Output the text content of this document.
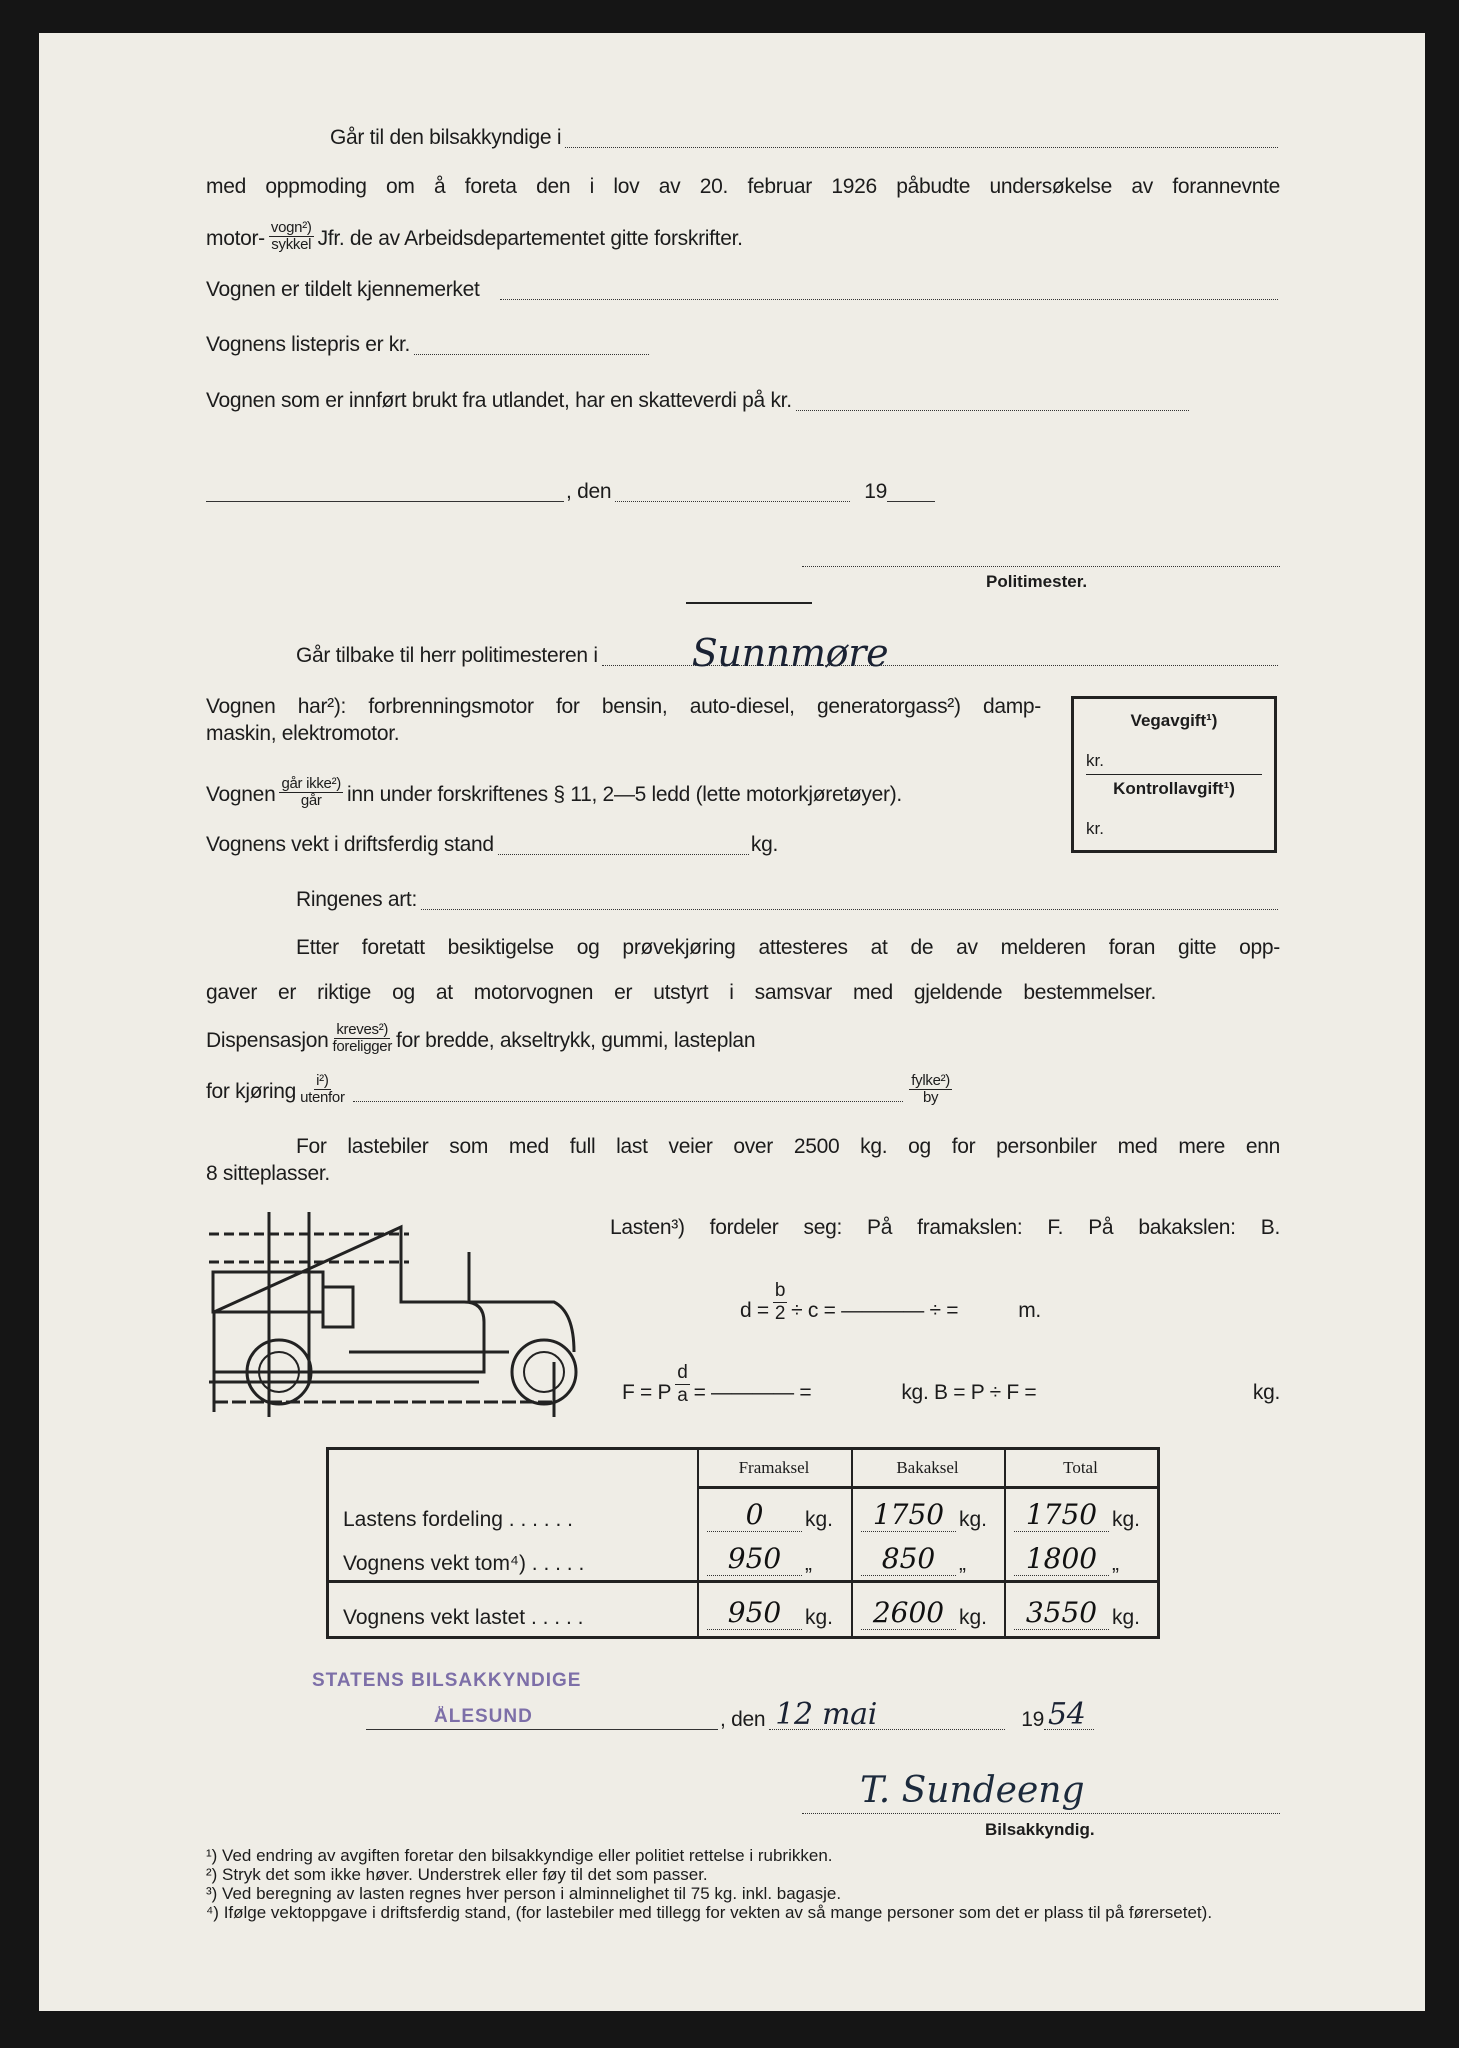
Går til den bilsakkyndige i
med oppmoding om å foreta den i lov av 20. februar 1926 påbudte undersøkelse av forannevnte
motor- vogn²)
sykkel Jfr. de av Arbeidsdepartementet gitte forskrifter.
Vognen er tildelt kjennemerket
Vognens listepris er kr.
Vognen som er innført brukt fra utlandet, har en skatteverdi på kr.
, den	19
Politimester.
Går tilbake til herr politimesteren i Sunnmøre
Vognen har²): forbrenningsmotor for bensin, auto-diesel, generatorgass²) damp-
maskin, elektromotor.
Vognen går ikke²)
går inn under forskriftenes § 11, 2—5 ledd (lette motorkjøretøyer).
Vognens vekt i driftsferdig stand	kg.
Vegavgift¹)
kr.
Kontrollavgift¹)
kr.
Ringenes art:
Etter foretatt besiktigelse og prøvekjøring attesteres at de av melderen foran gitte opp-
gaver er riktige og at motorvognen er utstyrt i samsvar med gjeldende bestemmelser.
Dispensasjon kreves²)
foreligger for bredde, akseltrykk, gummi, lasteplan
for kjøring i²)
utenfor
fylke²)
by
For lastebiler som med full last veier over 2500 kg. og for personbiler med mere enn
8 sitteplasser.
Lasten³) fordeler seg: På framakslen: F. På bakakslen: B.
$d = \frac{b}{2} \div c$ = ———— ÷ =	m.
F = P $\frac{d}{a}$ = ———— =	kg. B = P ÷ F =	kg.
Framaksel	Bakaksel	Total
Lastens fordeling . . . . . .	0	kg.	1750 kg.	1750 kg.
Vognens vekt tom⁴) . . . . .	950	„	850	„	1800 „
Vognens vekt lastet . . . . .	950	kg.	2600 kg.	3550 kg.
STATENS BILSAKKYNDIGE
ÅLESUND	, den 12 mai	19 54
T. Sundeeng
Bilsakkyndig.
¹) Ved endring av avgiften foretar den bilsakkyndige eller politiet rettelse i rubrikken.
²) Stryk det som ikke høver. Understrek eller føy til det som passer.
³) Ved beregning av lasten regnes hver person i alminnelighet til 75 kg. inkl. bagasje.
⁴) Ifølge vektoppgave i driftsferdig stand, (for lastebiler med tillegg for vekten av så mange personer som det er plass til på førersetet).
